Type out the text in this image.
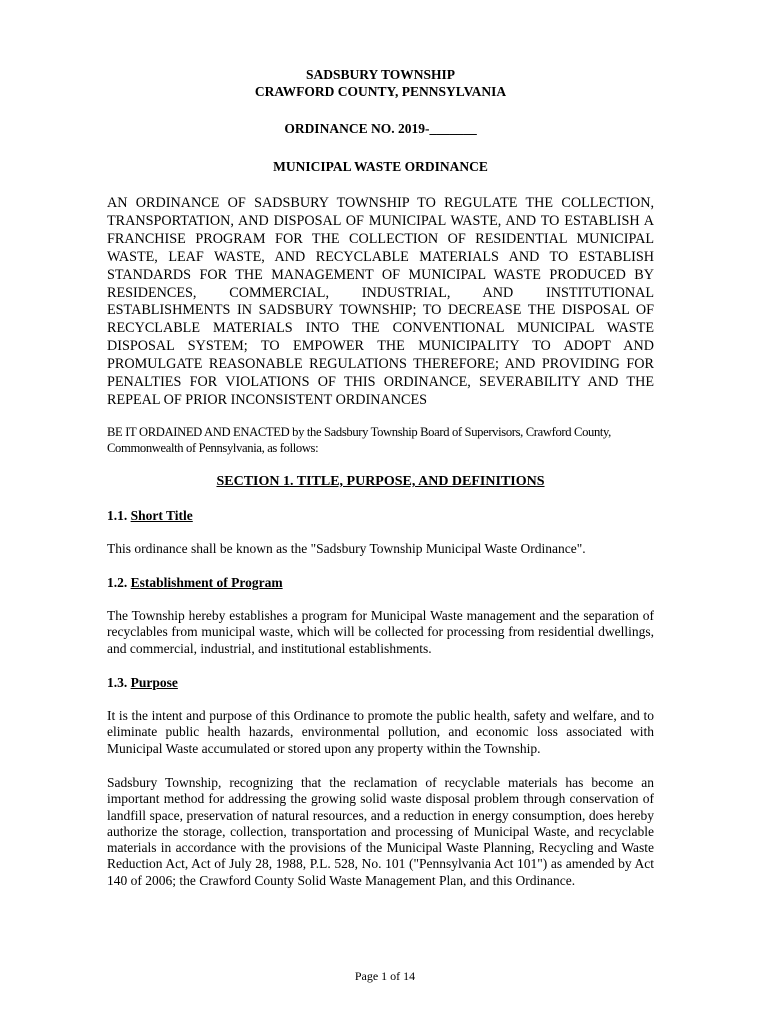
SADSBURY TOWNSHIP
CRAWFORD COUNTY, PENNSYLVANIA
ORDINANCE NO. 2019-_______
MUNICIPAL WASTE ORDINANCE
AN ORDINANCE OF SADSBURY TOWNSHIP TO REGULATE THE COLLECTION, TRANSPORTATION, AND DISPOSAL OF MUNICIPAL WASTE, AND TO ESTABLISH A FRANCHISE PROGRAM FOR THE COLLECTION OF RESIDENTIAL MUNICIPAL WASTE, LEAF WASTE, AND RECYCLABLE MATERIALS AND TO ESTABLISH STANDARDS FOR THE MANAGEMENT OF MUNICIPAL WASTE PRODUCED BY RESIDENCES, COMMERCIAL, INDUSTRIAL, AND INSTITUTIONAL ESTABLISHMENTS IN SADSBURY TOWNSHIP; TO DECREASE THE DISPOSAL OF RECYCLABLE MATERIALS INTO THE CONVENTIONAL MUNICIPAL WASTE DISPOSAL SYSTEM; TO EMPOWER THE MUNICIPALITY TO ADOPT AND PROMULGATE REASONABLE REGULATIONS THEREFORE; AND PROVIDING FOR PENALTIES FOR VIOLATIONS OF THIS ORDINANCE, SEVERABILITY AND THE REPEAL OF PRIOR INCONSISTENT ORDINANCES
BE IT ORDAINED AND ENACTED by the Sadsbury Township Board of Supervisors, Crawford County, Commonwealth of Pennsylvania, as follows:
SECTION 1. TITLE, PURPOSE, AND DEFINITIONS
1.1. Short Title
This ordinance shall be known as the "Sadsbury Township Municipal Waste Ordinance".
1.2. Establishment of Program
The Township hereby establishes a program for Municipal Waste management and the separation of recyclables from municipal waste, which will be collected for processing from residential dwellings, and commercial, industrial, and institutional establishments.
1.3. Purpose
It is the intent and purpose of this Ordinance to promote the public health, safety and welfare, and to eliminate public health hazards, environmental pollution, and economic loss associated with Municipal Waste accumulated or stored upon any property within the Township.
Sadsbury Township, recognizing that the reclamation of recyclable materials has become an important method for addressing the growing solid waste disposal problem through conservation of landfill space, preservation of natural resources, and a reduction in energy consumption, does hereby authorize the storage, collection, transportation and processing of Municipal Waste, and recyclable materials in accordance with the provisions of the Municipal Waste Planning, Recycling and Waste Reduction Act, Act of July 28, 1988, P.L. 528, No. 101 ("Pennsylvania Act 101") as amended by Act 140 of 2006; the Crawford County Solid Waste Management Plan, and this Ordinance.
Page 1 of 14
